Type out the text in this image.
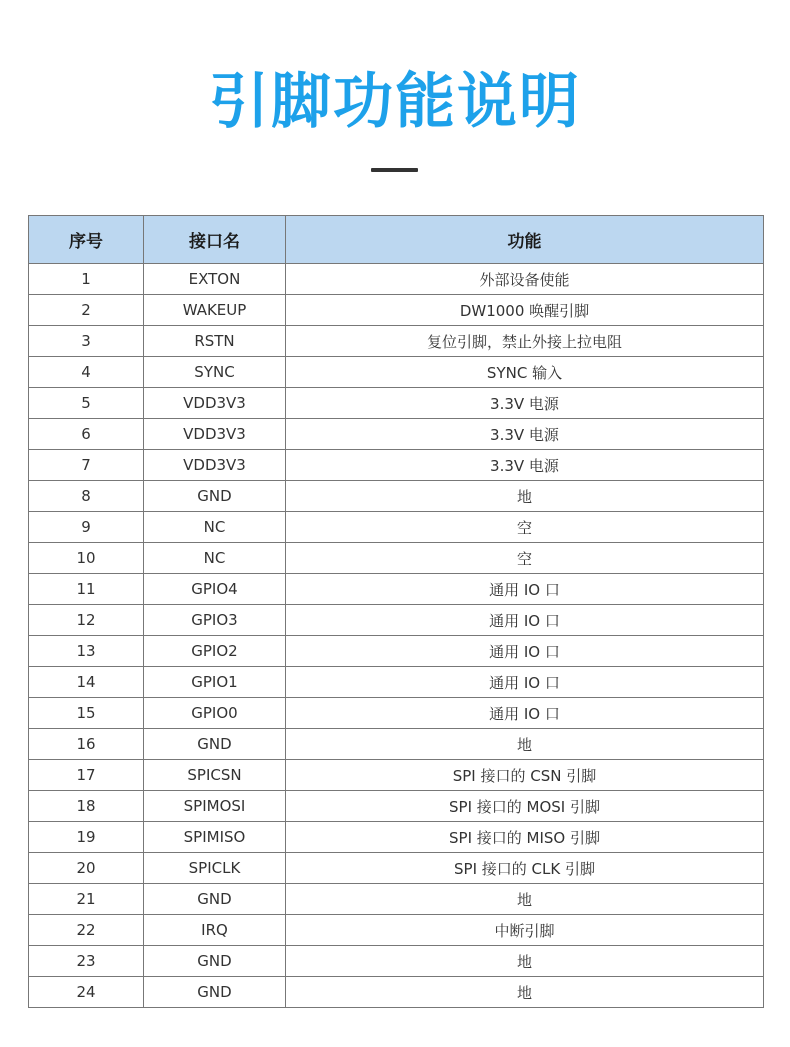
引脚功能说明
序号	接口名	功能
1	EXTON	外部设备使能
2	WAKEUP	DW1000 唤醒引脚
3	RSTN	复位引脚，禁止外接上拉电阻
4	SYNC	SYNC 输入
5	VDD3V3	3.3V 电源
6	VDD3V3	3.3V 电源
7	VDD3V3	3.3V 电源
8	GND	地
9	NC	空
10	NC	空
11	GPIO4	通用 IO 口
12	GPIO3	通用 IO 口
13	GPIO2	通用 IO 口
14	GPIO1	通用 IO 口
15	GPIO0	通用 IO 口
16	GND	地
17	SPICSN	SPI 接口的 CSN 引脚
18	SPIMOSI	SPI 接口的 MOSI 引脚
19	SPIMISO	SPI 接口的 MISO 引脚
20	SPICLK	SPI 接口的 CLK 引脚
21	GND	地
22	IRQ	中断引脚
23	GND	地
24	GND	地
